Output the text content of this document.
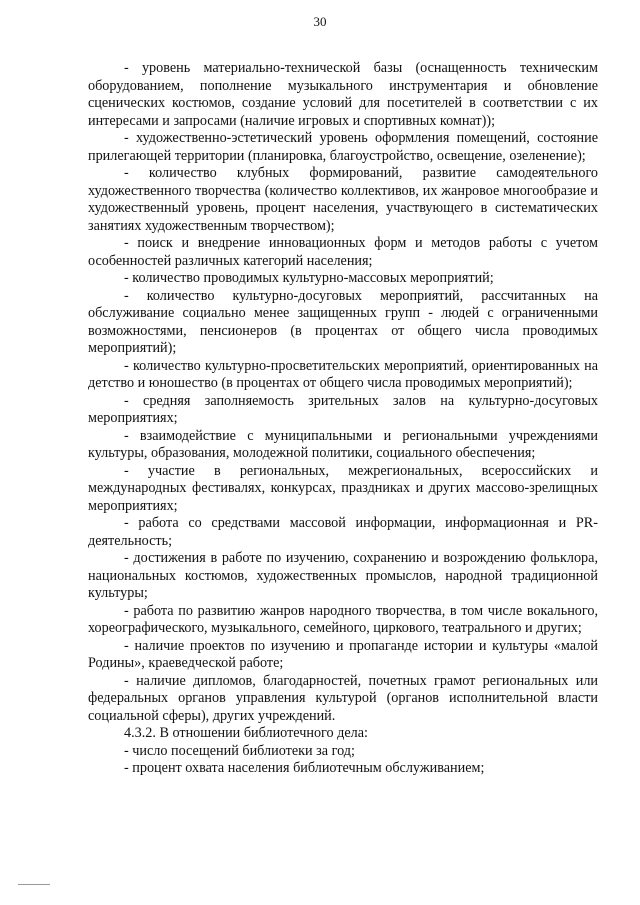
30

- уровень материально-технической базы (оснащенность техническим оборудованием, пополнение музыкального инструментария и обновление сценических костюмов, создание условий для посетителей в соответствии с их интересами и запросами (наличие игровых и спортивных комнат));

- художественно-эстетический уровень оформления помещений, состояние прилегающей территории (планировка, благоустройство, освещение, озеленение);

- количество клубных формирований, развитие самодеятельного художественного творчества (количество коллективов, их жанровое многообразие и художественный уровень, процент населения, участвующего в систематических занятиях художественным творчеством);

- поиск и внедрение инновационных форм и методов работы с учетом особенностей различных категорий населения;

- количество проводимых культурно-массовых мероприятий;

- количество культурно-досуговых мероприятий, рассчитанных на обслуживание социально менее защищенных групп - людей с ограниченными возможностями, пенсионеров (в процентах от общего числа проводимых мероприятий);

- количество культурно-просветительских мероприятий, ориентированных на детство и юношество (в процентах от общего числа проводимых мероприятий);

- средняя заполняемость зрительных залов на культурно-досуговых мероприятиях;

- взаимодействие с муниципальными и региональными учреждениями культуры, образования, молодежной политики, социального обеспечения;

- участие в региональных, межрегиональных, всероссийских и международных фестивалях, конкурсах, праздниках и других массово-зрелищных мероприятиях;

- работа со средствами массовой информации, информационная и PR-деятельность;

- достижения в работе по изучению, сохранению и возрождению фольклора, национальных костюмов, художественных промыслов, народной традиционной культуры;

- работа по развитию жанров народного творчества, в том числе вокального, хореографического, музыкального, семейного, циркового, театрального и других;

- наличие проектов по изучению и пропаганде истории и культуры «малой Родины», краеведческой работе;

- наличие дипломов, благодарностей, почетных грамот региональных или федеральных органов управления культурой (органов исполнительной власти социальной сферы), других учреждений.

4.3.2. В отношении библиотечного дела:

- число посещений библиотеки за год;

- процент охвата населения библиотечным обслуживанием;
